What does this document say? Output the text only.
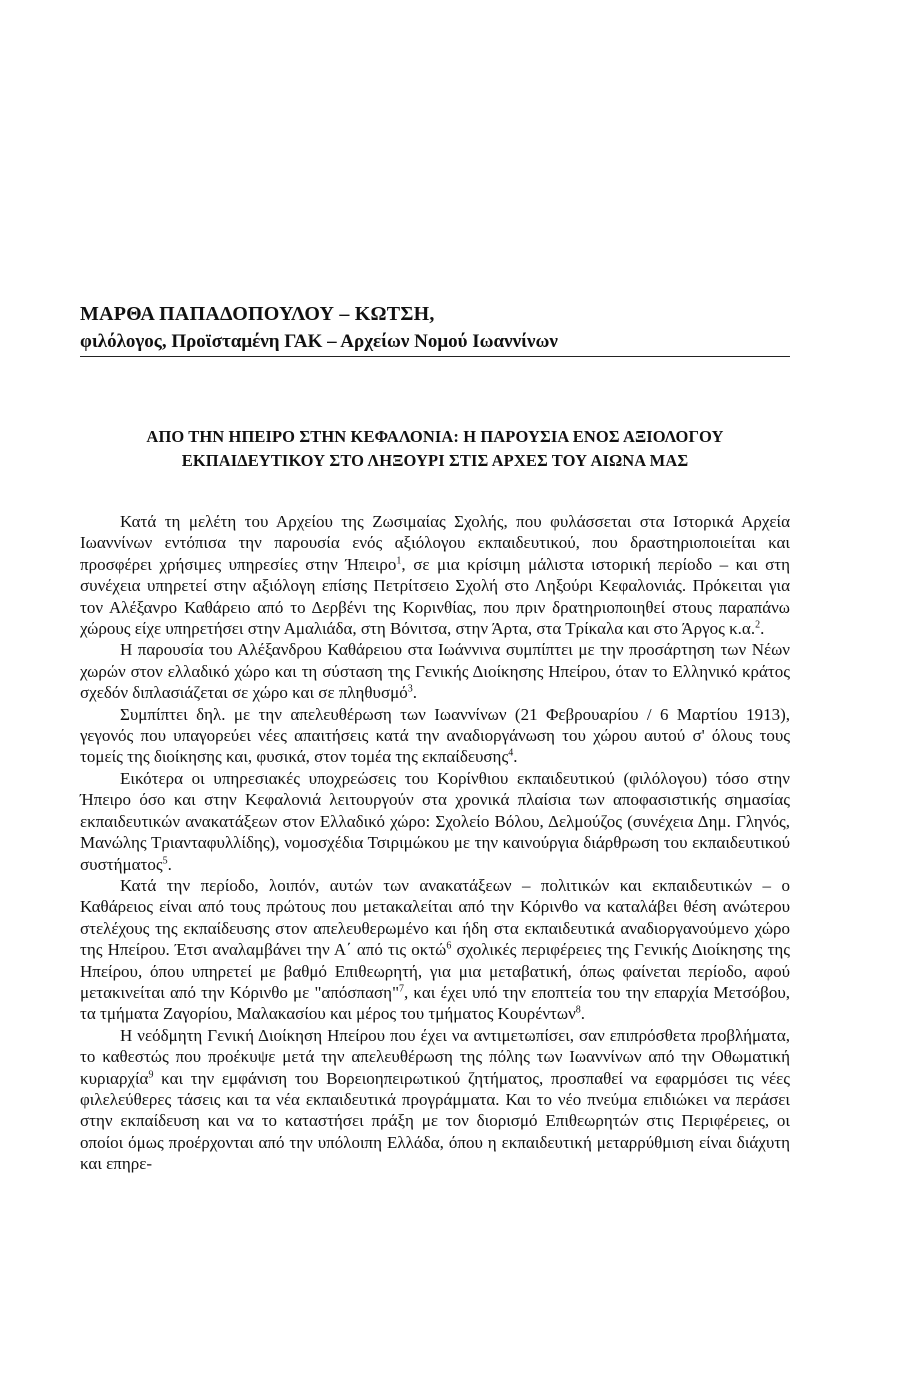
ΜΑΡΘΑ ΠΑΠΑΔΟΠΟΥΛΟΥ – ΚΩΤΣΗ,
φιλόλογος, Προϊσταμένη ΓΑΚ – Αρχείων Νομού Ιωαννίνων
ΑΠΟ ΤΗΝ ΗΠΕΙΡΟ ΣΤΗΝ ΚΕΦΑΛΟΝΙΑ: Η ΠΑΡΟΥΣΙΑ ΕΝΟΣ ΑΞΙΟΛΟΓΟΥ
ΕΚΠΑΙΔΕΥΤΙΚΟΥ ΣΤΟ ΛΗΞΟΥΡΙ ΣΤΙΣ ΑΡΧΕΣ ΤΟΥ ΑΙΩΝΑ ΜΑΣ

Κατά τη μελέτη του Αρχείου της Ζωσιμαίας Σχολής, που φυλάσσεται στα Ιστορικά Αρχεία Ιωαννίνων εντόπισα την παρουσία ενός αξιόλογου εκπαιδευτικού, που δραστηριοποιείται και προσφέρει χρήσιμες υπηρεσίες στην Ήπειρο$^1$, σε μια κρίσιμη μάλιστα ιστορική περίοδο – και στη συνέχεια υπηρετεί στην αξιόλογη επίσης Πετρίτσειο Σχολή στο Ληξούρι Κεφαλονιάς. Πρόκειται για τον Αλέξανρο Καθάρειο από το Δερβένι της Κορινθίας, που πριν δρατηριοποιηθεί στους παραπάνω χώρους είχε υπηρετήσει στην Αμαλιάδα, στη Βόνιτσα, στην Άρτα, στα Τρίκαλα και στο Άργος κ.α.$^2$.

Η παρουσία του Αλέξανδρου Καθάρειου στα Ιωάννινα συμπίπτει με την προσάρτηση των Νέων χωρών στον ελλαδικό χώρο και τη σύσταση της Γενικής Διοίκησης Ηπείρου, όταν το Ελληνικό κράτος σχεδόν διπλασιάζεται σε χώρο και σε πληθυσμό$^3$.

Συμπίπτει δηλ. με την απελευθέρωση των Ιωαννίνων (21 Φεβρουαρίου / 6 Μαρτίου 1913), γεγονός που υπαγορεύει νέες απαιτήσεις κατά την αναδιοργάνωση του χώρου αυτού σ' όλους τους τομείς της διοίκησης και, φυσικά, στον τομέα της εκπαίδευσης$^4$.

Εικότερα οι υπηρεσιακές υποχρεώσεις του Κορίνθιου εκπαιδευτικού (φιλόλογου) τόσο στην Ήπειρο όσο και στην Κεφαλονιά λειτουργούν στα χρονικά πλαίσια των αποφασιστικής σημασίας εκπαιδευτικών ανακατάξεων στον Ελλαδικό χώρο: Σχολείο Βόλου, Δελμούζος (συνέχεια Δημ. Γληνός, Μανώλης Τριανταφυλλίδης), νομοσχέδια Τσιριμώκου με την καινούργια διάρθρωση του εκπαιδευτικού συστήματος$^5$.

Κατά την περίοδο, λοιπόν, αυτών των ανακατάξεων – πολιτικών και εκπαιδευτικών – ο Καθάρειος είναι από τους πρώτους που μετακαλείται από την Κόρινθο να καταλάβει θέση ανώτερου στελέχους της εκπαίδευσης στον απελευθερωμένο και ήδη στα εκπαιδευτικά αναδιοργανούμενο χώρο της Ηπείρου. Έτσι αναλαμβάνει την Α΄ από τις οκτώ$^6$ σχολικές περιφέρειες της Γενικής Διοίκησης της Ηπείρου, όπου υπηρετεί με βαθμό Επιθεωρητή, για μια μεταβατική, όπως φαίνεται περίοδο, αφού μετακινείται από την Κόρινθο με "απόσπαση"$^7$, και έχει υπό την εποπτεία του την επαρχία Μετσόβου, τα τμήματα Ζαγορίου, Μαλακασίου και μέρος του τμήματος Κουρέντων$^8$.

Η νεόδμητη Γενική Διοίκηση Ηπείρου που έχει να αντιμετωπίσει, σαν επιπρόσθετα προβλήματα, το καθεστώς που προέκυψε μετά την απελευθέρωση της πόλης των Ιωαννίνων από την Οθωματική κυριαρχία$^9$ και την εμφάνιση του Βορειοηπειρωτικού ζητήματος, προσπαθεί να εφαρμόσει τις νέες φιλελεύθερες τάσεις και τα νέα εκπαιδευτικά προγράμματα. Και το νέο πνεύμα επιδιώκει να περάσει στην εκπαίδευση και να το καταστήσει πράξη με τον διορισμό Επιθεωρητών στις Περιφέρειες, οι οποίοι όμως προέρχονται από την υπόλοιπη Ελλάδα, όπου η εκπαιδευτική μεταρρύθμιση είναι διάχυτη και επηρε-
